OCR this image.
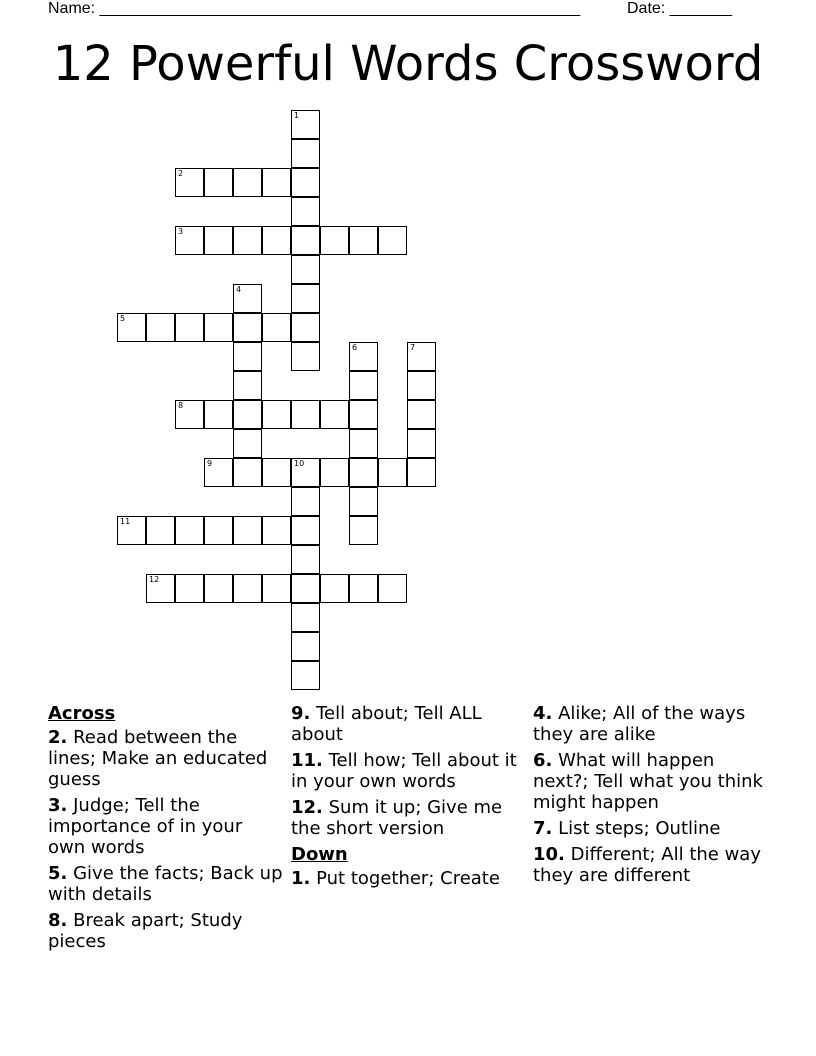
Name: ______________________________________________________	Date: _______
12 Powerful Words Crossword
1
2
3
4
5
6	7
8
9	10
11
12
Across
2. Read between the lines; Make an educated guess
3. Judge; Tell the importance of in your own words
5. Give the facts; Back up with details
8. Break apart; Study pieces
9. Tell about; Tell ALL about
11. Tell how; Tell about it in your own words
12. Sum it up; Give me the short version
Down
1. Put together; Create
4. Alike; All of the ways they are alike
6. What will happen next?; Tell what you think might happen
7. List steps; Outline
10. Different; All the way they are different
